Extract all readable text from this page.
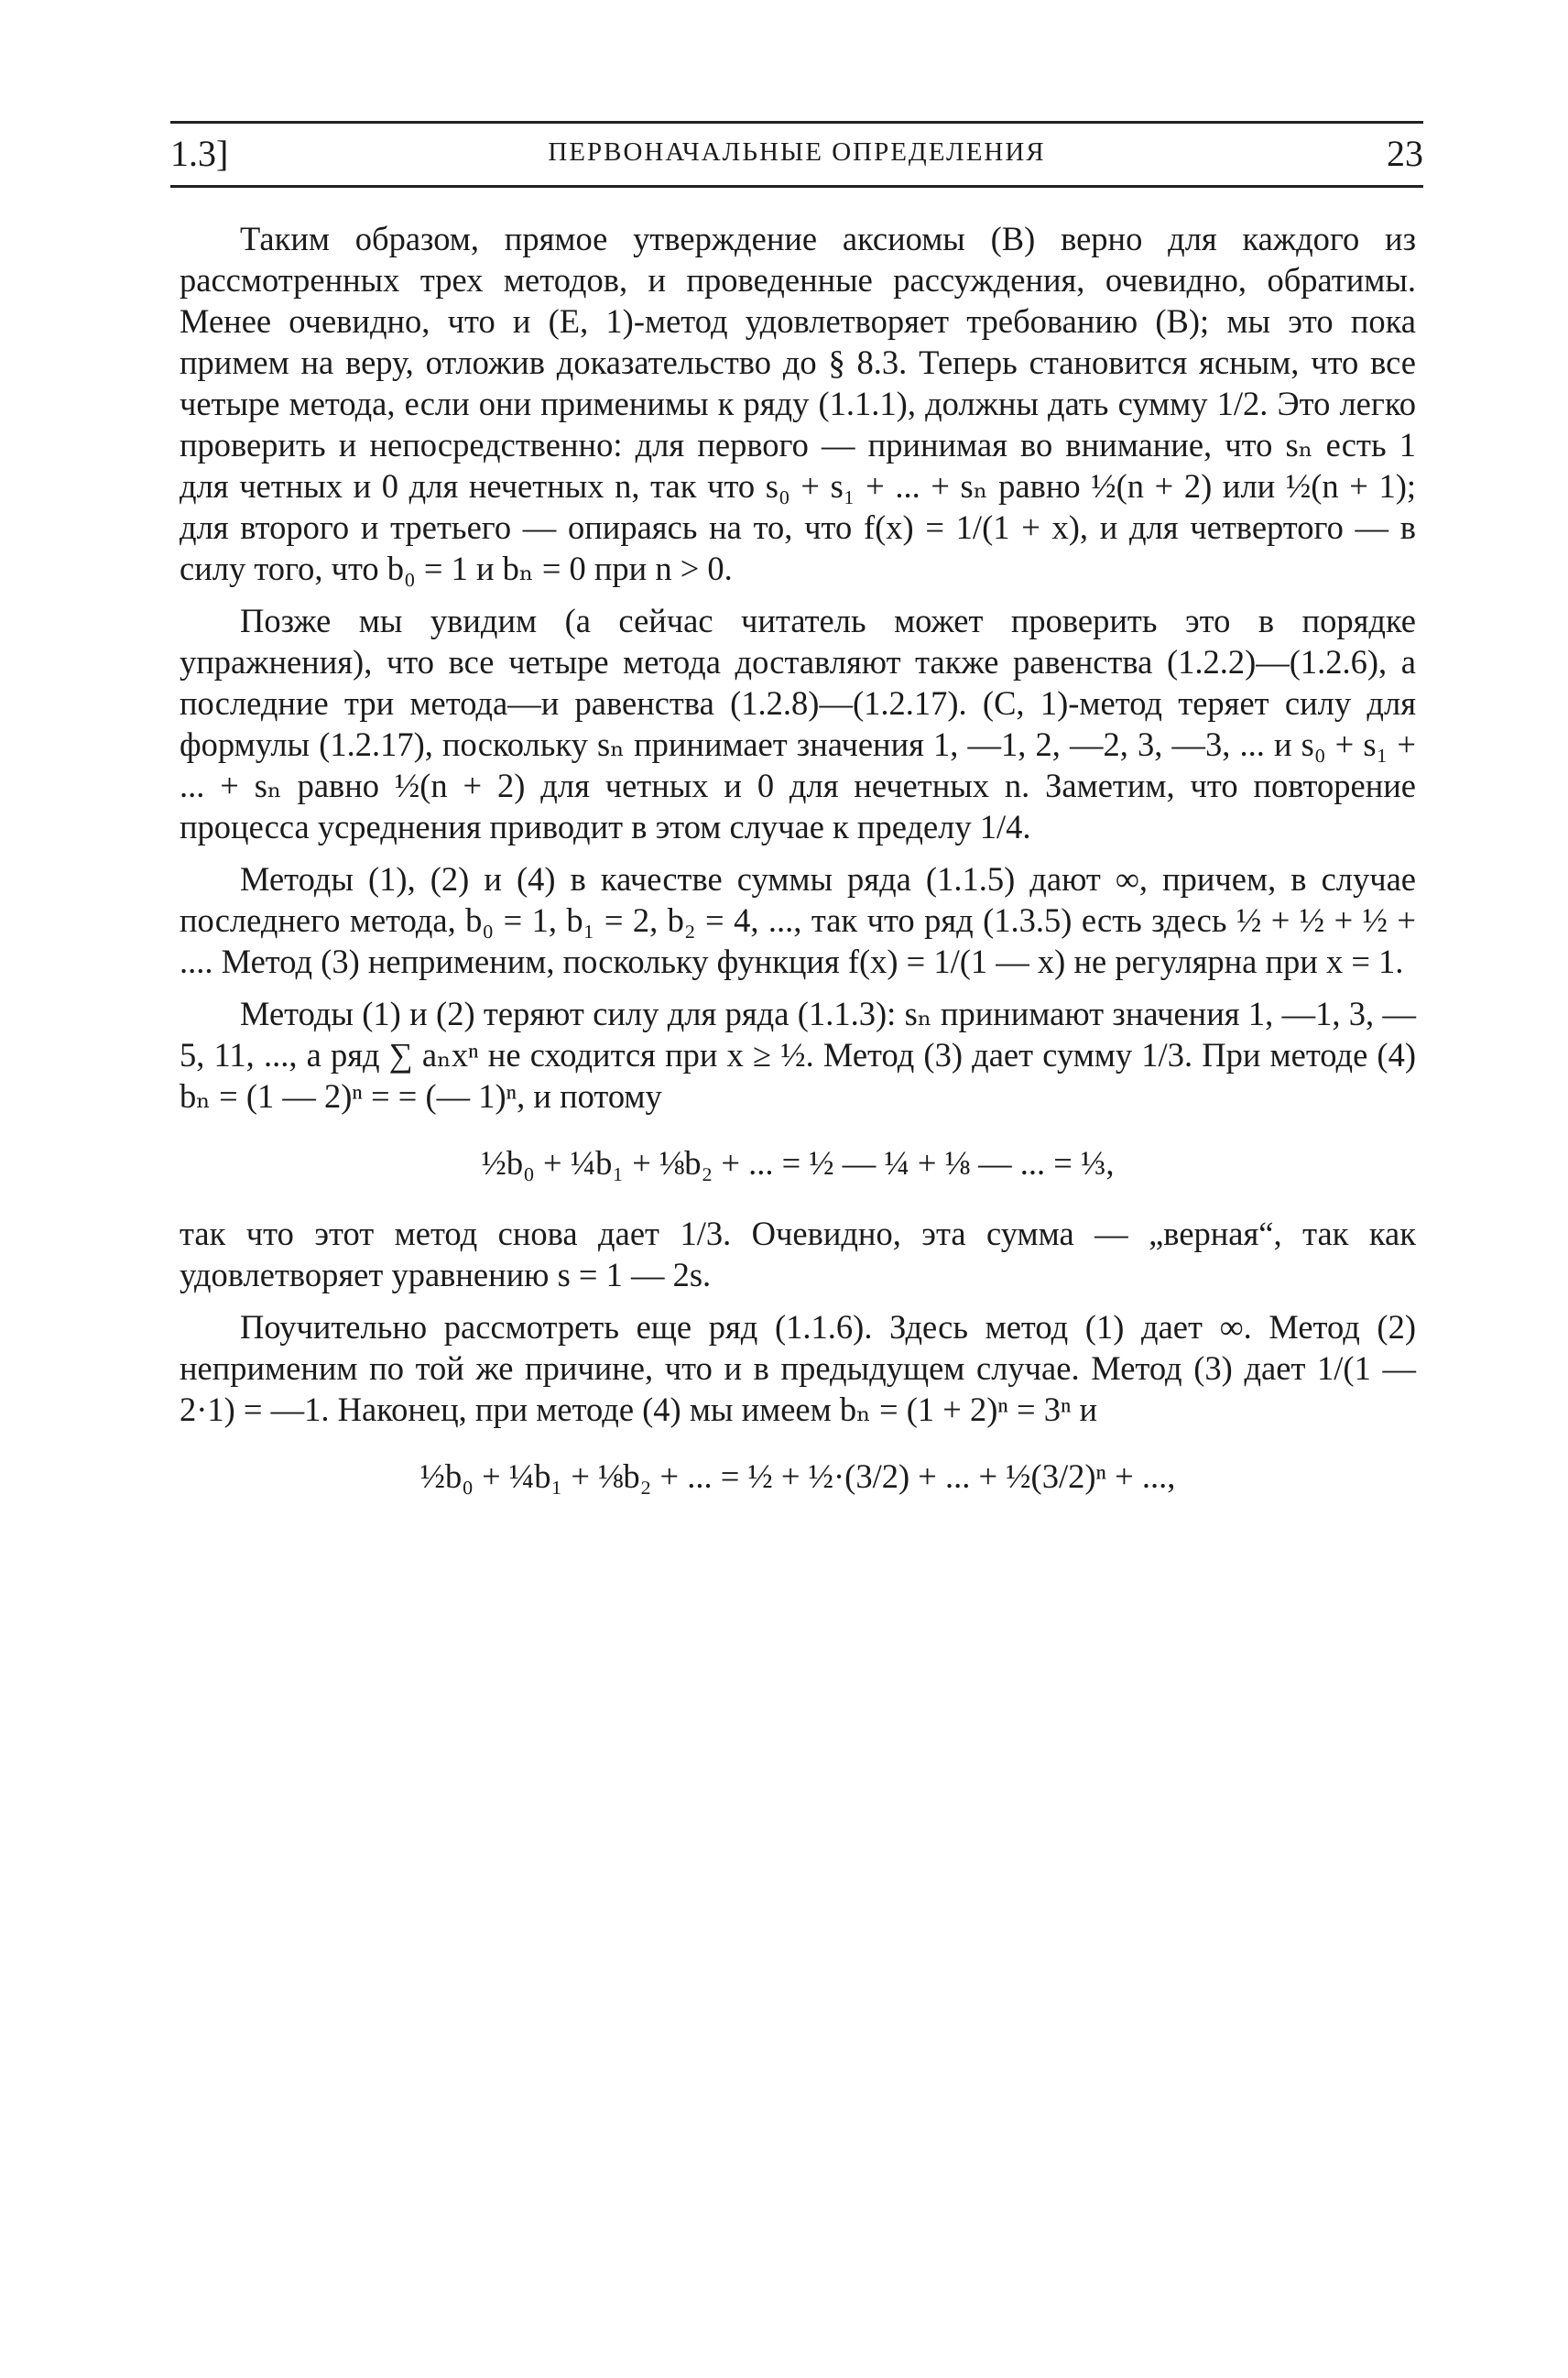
1.3]	ПЕРВОНАЧАЛЬНЫЕ ОПРЕДЕЛЕНИЯ	23

Таким образом, прямое утверждение аксиомы (B) верно для каждого из рассмотренных трех методов, и проведенные рассуждения, очевидно, обратимы. Менее очевидно, что и (E, 1)-метод удовлетворяет требованию (B); мы это пока примем на веру, отложив доказательство до § 8.3. Теперь становится ясным, что все четыре метода, если они применимы к ряду (1.1.1), должны дать сумму 1/2. Это легко проверить и непосредственно: для первого — принимая во внимание, что sₙ есть 1 для четных и 0 для нечетных n, так что s₀ + s₁ + ... + sₙ равно ½(n + 2) или ½(n + 1); для второго и третьего — опираясь на то, что f(x) = 1/(1 + x), и для четвертого — в силу того, что b₀ = 1 и bₙ = 0 при n > 0.

Позже мы увидим (а сейчас читатель может проверить это в порядке упражнения), что все четыре метода доставляют также равенства (1.2.2)—(1.2.6), а последние три метода—и равенства (1.2.8)—(1.2.17). (C, 1)-метод теряет силу для формулы (1.2.17), поскольку sₙ принимает значения 1, —1, 2, —2, 3, —3, ... и s₀ + s₁ + ... + sₙ равно ½(n + 2) для четных и 0 для нечетных n. Заметим, что повторение процесса усреднения приводит в этом случае к пределу 1/4.

Методы (1), (2) и (4) в качестве суммы ряда (1.1.5) дают ∞, причем, в случае последнего метода, b₀ = 1, b₁ = 2, b₂ = 4, ..., так что ряд (1.3.5) есть здесь ½ + ½ + ½ + .... Метод (3) неприменим, поскольку функция f(x) = 1/(1 — x) не регулярна при x = 1.

Методы (1) и (2) теряют силу для ряда (1.1.3): sₙ принимают значения 1, —1, 3, —5, 11, ..., а ряд ∑ aₙxⁿ не сходится при x ≥ ½. Метод (3) дает сумму 1/3. При методе (4) bₙ = (1 — 2)ⁿ = = (— 1)ⁿ, и потому

½b₀ + ¼b₁ + ⅛b₂ + ... = ½ — ¼ + ⅛ — ... = ⅓,

так что этот метод снова дает 1/3. Очевидно, эта сумма — „верная“, так как удовлетворяет уравнению s = 1 — 2s.

Поучительно рассмотреть еще ряд (1.1.6). Здесь метод (1) дает ∞. Метод (2) неприменим по той же причине, что и в предыдущем случае. Метод (3) дает 1/(1 — 2·1) = —1. Наконец, при методе (4) мы имеем bₙ = (1 + 2)ⁿ = 3ⁿ и

½b₀ + ¼b₁ + ⅛b₂ + ... = ½ + ½·(3/2) + ... + ½(3/2)ⁿ + ...,
